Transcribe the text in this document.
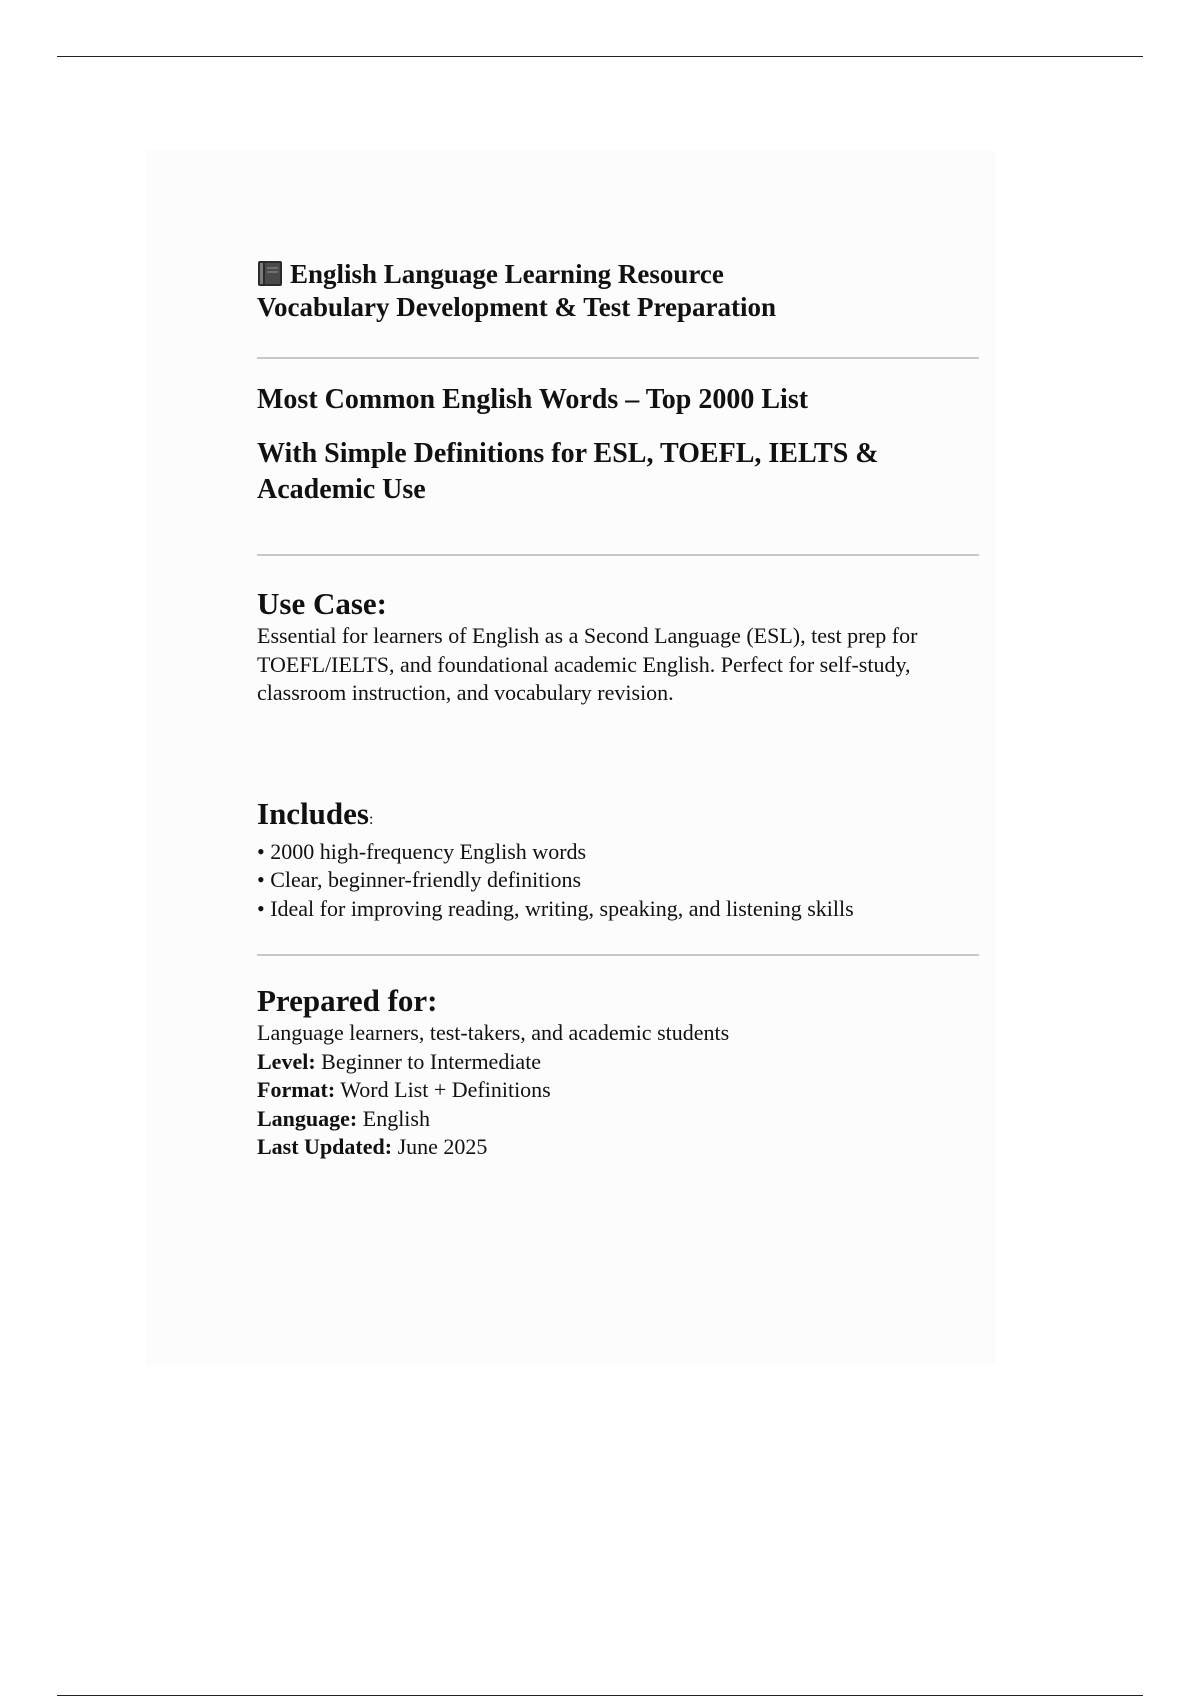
English Language Learning Resource

Vocabulary Development & Test Preparation

Most Common English Words – Top 2000 List

With Simple Definitions for ESL, TOEFL, IELTS & Academic Use

Use Case:

Essential for learners of English as a Second Language (ESL), test prep for TOEFL/IELTS, and foundational academic English. Perfect for self-study, classroom instruction, and vocabulary revision.

Includes:

• 2000 high-frequency English words
• Clear, beginner-friendly definitions
• Ideal for improving reading, writing, speaking, and listening skills

Prepared for:

Language learners, test-takers, and academic students

Level: Beginner to Intermediate

Format: Word List + Definitions

Language: English

Last Updated: June 2025
